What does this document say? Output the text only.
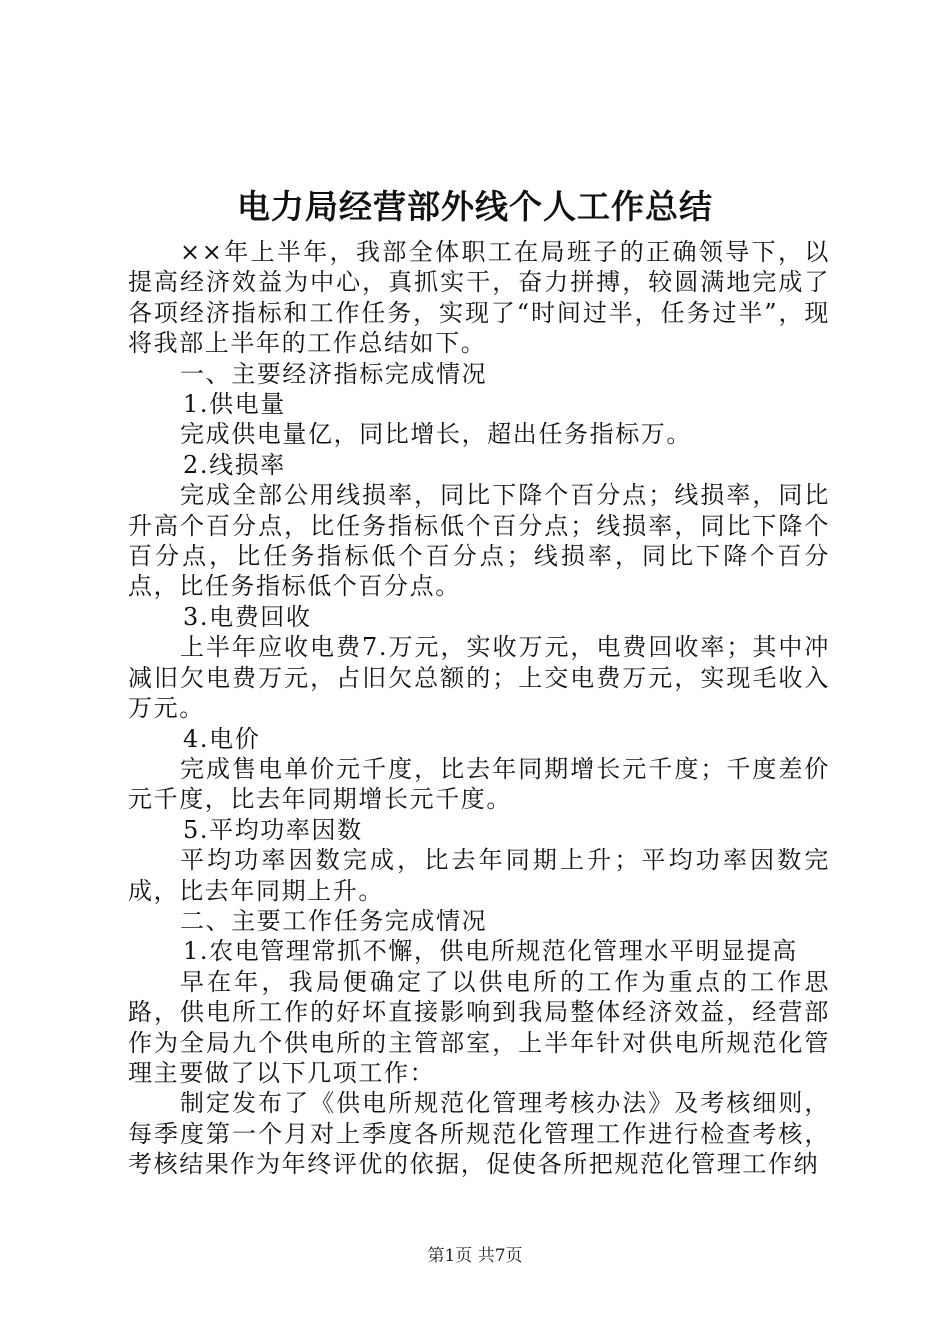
电力局经营部外线个人工作总结

××年上半年，我部全体职工在局班子的正确领导下，以提高经济效益为中心，真抓实干，奋力拼搏，较圆满地完成了各项经济指标和工作任务，实现了“时间过半，任务过半”，现将我部上半年的工作总结如下。

一、主要经济指标完成情况

1.供电量

完成供电量亿，同比增长，超出任务指标万。

2.线损率

完成全部公用线损率，同比下降个百分点；线损率，同比升高个百分点，比任务指标低个百分点；线损率，同比下降个百分点，比任务指标低个百分点；线损率，同比下降个百分点，比任务指标低个百分点。

3.电费回收

上半年应收电费7.万元，实收万元，电费回收率；其中冲减旧欠电费万元，占旧欠总额的；上交电费万元，实现毛收入万元。

4.电价

完成售电单价元千度，比去年同期增长元千度；千度差价元千度，比去年同期增长元千度。

5.平均功率因数

平均功率因数完成，比去年同期上升；平均功率因数完成，比去年同期上升。

二、主要工作任务完成情况

1.农电管理常抓不懈，供电所规范化管理水平明显提高

早在年，我局便确定了以供电所的工作为重点的工作思路，供电所工作的好坏直接影响到我局整体经济效益，经营部作为全局九个供电所的主管部室，上半年针对供电所规范化管理主要做了以下几项工作：

制定发布了《供电所规范化管理考核办法》及考核细则，每季度第一个月对上季度各所规范化管理工作进行检查考核，考核结果作为年终评优的依据，促使各所把规范化管理工作纳

第1页 共7页
